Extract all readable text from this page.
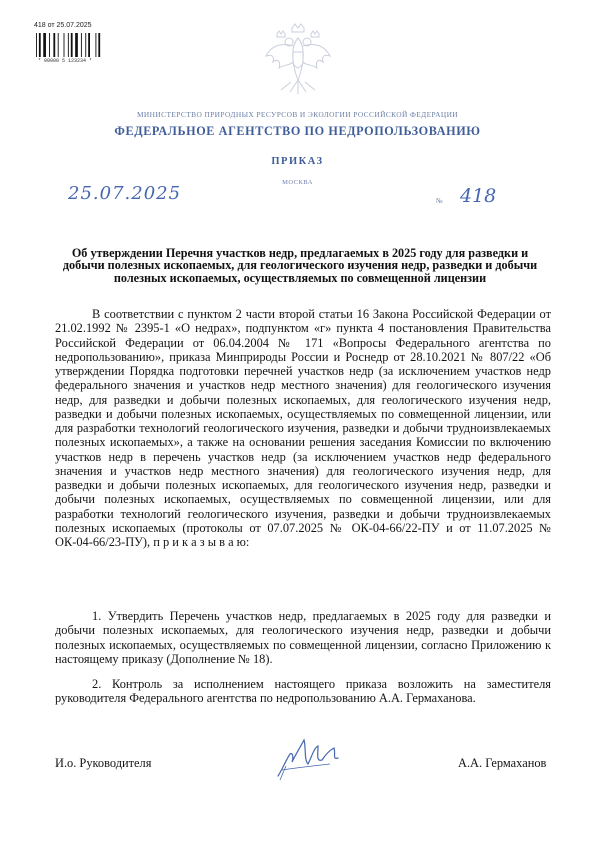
418 от 25.07.2025
* 00000 5 123234 *
МИНИСТЕРСТВО ПРИРОДНЫХ РЕСУРСОВ И ЭКОЛОГИИ РОССИЙСКОЙ ФЕДЕРАЦИИ
ФЕДЕРАЛЬНОЕ АГЕНТСТВО ПО НЕДРОПОЛЬЗОВАНИЮ
ПРИКАЗ
МОСКВА
25.07.2025	№ 418
Об утверждении Перечня участков недр, предлагаемых в 2025 году для разведки и добычи полезных ископаемых, для геологического изучения недр, разведки и добычи полезных ископаемых, осуществляемых по совмещенной лицензии
В соответствии с пунктом 2 части второй статьи 16 Закона Российской Федерации от 21.02.1992 № 2395-1 «О недрах», подпунктом «г» пункта 4 постановления Правительства Российской Федерации от 06.04.2004 № 171 «Вопросы Федерального агентства по недропользованию», приказа Минприроды России и Роснедр от 28.10.2021 № 807/22 «Об утверждении Порядка подготовки перечней участков недр (за исключением участков недр федерального значения и участков недр местного значения) для геологического изучения недр, для разведки и добычи полезных ископаемых, для геологического изучения недр, разведки и добычи полезных ископаемых, осуществляемых по совмещенной лицензии, или для разработки технологий геологического изучения, разведки и добычи трудноизвлекаемых полезных ископаемых», а также на основании решения заседания Комиссии по включению участков недр в перечень участков недр (за исключением участков недр федерального значения и участков недр местного значения) для геологического изучения недр, для разведки и добычи полезных ископаемых, для геологического изучения недр, разведки и добычи полезных ископаемых, осуществляемых по совмещенной лицензии, или для разработки технологий геологического изучения, разведки и добычи трудноизвлекаемых полезных ископаемых (протоколы от 07.07.2025 № ОК-04-66/22-ПУ и от 11.07.2025 № ОК-04-66/23-ПУ), п р и к а з ы в а ю:
1. Утвердить Перечень участков недр, предлагаемых в 2025 году для разведки и добычи полезных ископаемых, для геологического изучения недр, разведки и добычи полезных ископаемых, осуществляемых по совмещенной лицензии, согласно Приложению к настоящему приказу (Дополнение № 18).
2. Контроль за исполнением настоящего приказа возложить на заместителя руководителя Федерального агентства по недропользованию А.А. Гермаханова.
И.о. Руководителя	А.А. Гермаханов
